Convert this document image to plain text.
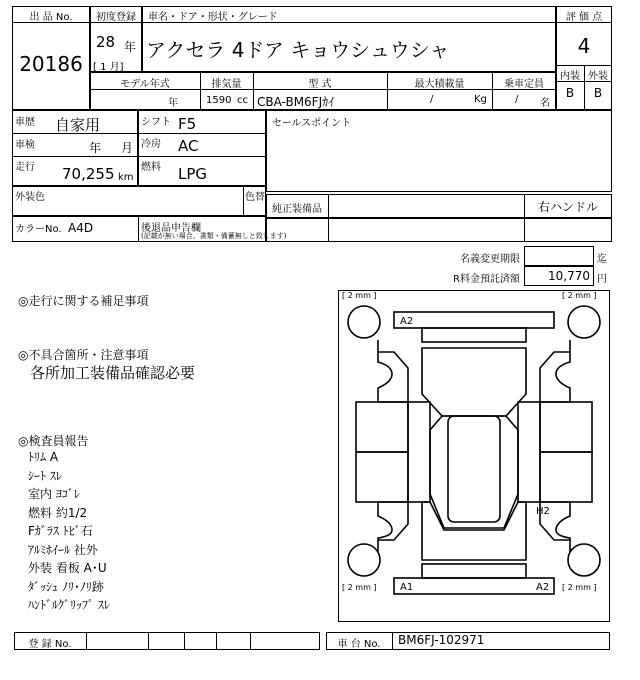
出 品 No.
20186
初度登録
28 年
[ 1 月]
車名・ドア・形状・グレード
アクセラ 4ドア キョウシュウシャ
評 価 点
4
内装 外装
B	B
モデル年式	排気量	型 式	最大積載量	乗車定員
年	1590 cc CBA-BM6FJｶｲ	/	Kg	/ 名
車歴 自家用
車検	年 月
走行 70,255 km
シフト F5
冷房 AC
燃料 LPG
セールスポイント
外装色	色替
純正装備品	右ハンドル
カラーNo. A4D	後退品申告欄
(記載が無い場合、書類・備蓄無しと致します)
名義変更期限	迄
R料金預託済額	10,770 円
◎走行に関する補足事項
◎不具合箇所・注意事項
各所加工装備品確認必要
◎検査員報告
ﾄﾘﾑ A
ｼｰﾄ ｽﾚ
室内 ﾖｺﾞﾚ
燃料 約1/2
Fｶﾞﾗｽ ﾄﾋﾞ石
ｱﾙﾐﾎｲｰﾙ 社外
外装 看板 A･U
ﾀﾞｯｼｭ ﾉﾘ･ﾉﾘ跡
ﾊﾝﾄﾞﾙｸﾞﾘｯﾌﾟ ｽﾚ
[ 2 mm ]	[ 2 mm ]
[ 2 mm ]	[ 2 mm ]
A2
H2
A1	A2
登 録 No.	車 台 No.	BM6FJ-102971
